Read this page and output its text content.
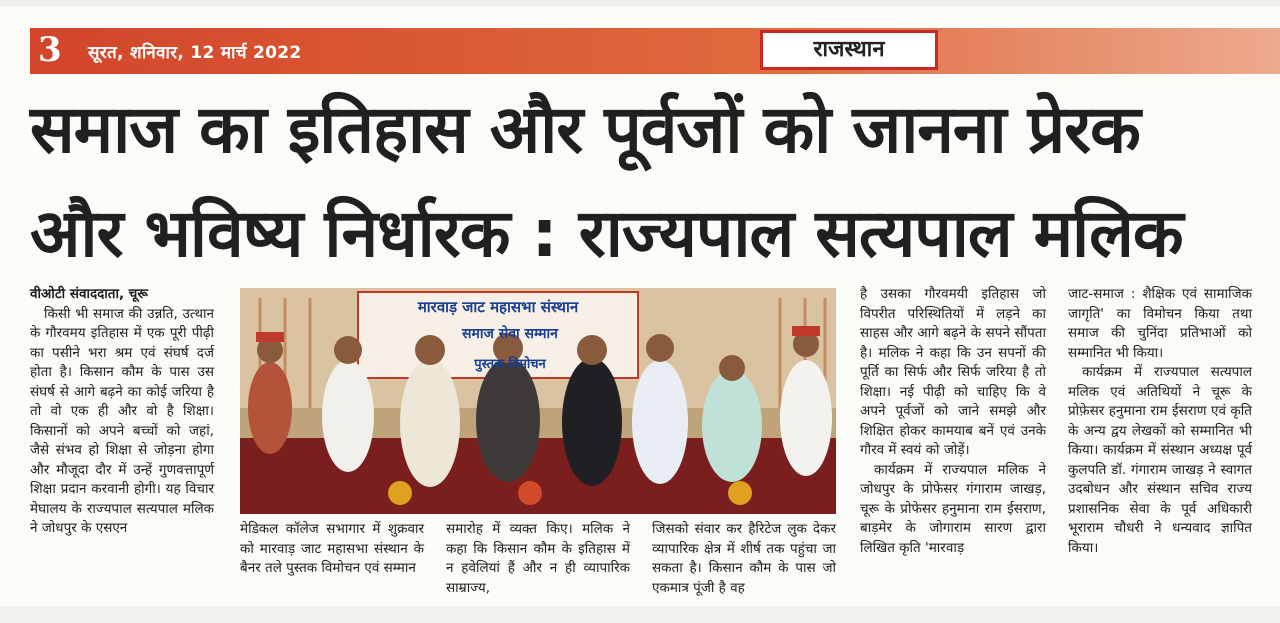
3 सूरत, शनिवार, 12 मार्च 2022	राजस्थान
समाज का इतिहास और पूर्वजों को जानना प्रेरक
और भविष्य निर्धारक : राज्यपाल सत्यपाल मलिक
वीओटी संवाददाता, चूरू

किसी भी समाज की उन्नति, उत्थान के गौरवमय इतिहास में एक पूरी पीढ़ी का पसीने भरा श्रम एवं संघर्ष दर्ज होता है। किसान कौम के पास उस संघर्ष से आगे बढ़ने का कोई जरिया है तो वो एक ही और वो है शिक्षा। किसानों को अपने बच्चों को जहां, जैसे संभव हो शिक्षा से जोड़ना होगा और मौजूदा दौर में उन्हें गुणवत्तापूर्ण शिक्षा प्रदान करवानी होगी। यह विचार मेघालय के राज्यपाल सत्यपाल मलिक ने जोधपुर के एसएन

मारवाड़ जाट महासभा संस्थान
समाज सेवा सम्मान
पुस्तक विमोचन

मेडिकल कॉलेज सभागार में शुक्रवार को मारवाड़ जाट महासभा संस्थान के बैनर तले पुस्तक विमोचन एवं सम्मान

समारोह में व्यक्त किए। मलिक ने कहा कि किसान कौम के इतिहास में न हवेलियां हैं और न ही व्यापारिक साम्राज्य,

जिसको संवार कर हैरिटेज लुक देकर व्यापारिक क्षेत्र में शीर्ष तक पहुंचा जा सकता है। किसान कौम के पास जो एकमात्र पूंजी है वह

है उसका गौरवमयी इतिहास जो विपरीत परिस्थितियों में लड़ने का साहस और आगे बढ़ने के सपने सौंपता है। मलिक ने कहा कि उन सपनों की पूर्ति का सिर्फ और सिर्फ जरिया है तो शिक्षा। नई पीढ़ी को चाहिए कि वे अपने पूर्वजों को जाने समझे और शिक्षित होकर कामयाब बनें एवं उनके गौरव में स्वयं को जोड़ें।

कार्यक्रम में राज्यपाल मलिक ने जोधपुर के प्रोफेसर गंगाराम जाखड़, चूरू के प्रोफेसर हनुमाना राम ईसराण, बाड़मेर के जोगाराम सारण द्वारा लिखित कृति 'मारवाड़

जाट-समाज : शैक्षिक एवं सामाजिक जागृति' का विमोचन किया तथा समाज की चुनिंदा प्रतिभाओं को सम्मानित भी किया।

कार्यक्रम में राज्यपाल सत्यपाल मलिक एवं अतिथियों ने चूरू के प्रोफ़ेसर हनुमाना राम ईसराण एवं कृति के अन्य द्वय लेखकों को सम्मानित भी किया। कार्यक्रम में संस्थान अध्यक्ष पूर्व कुलपति डॉ. गंगाराम जाखड़ ने स्वागत उदबोधन और संस्थान सचिव राज्य प्रशासनिक सेवा के पूर्व अधिकारी भूराराम चौधरी ने धन्यवाद ज्ञापित किया।
